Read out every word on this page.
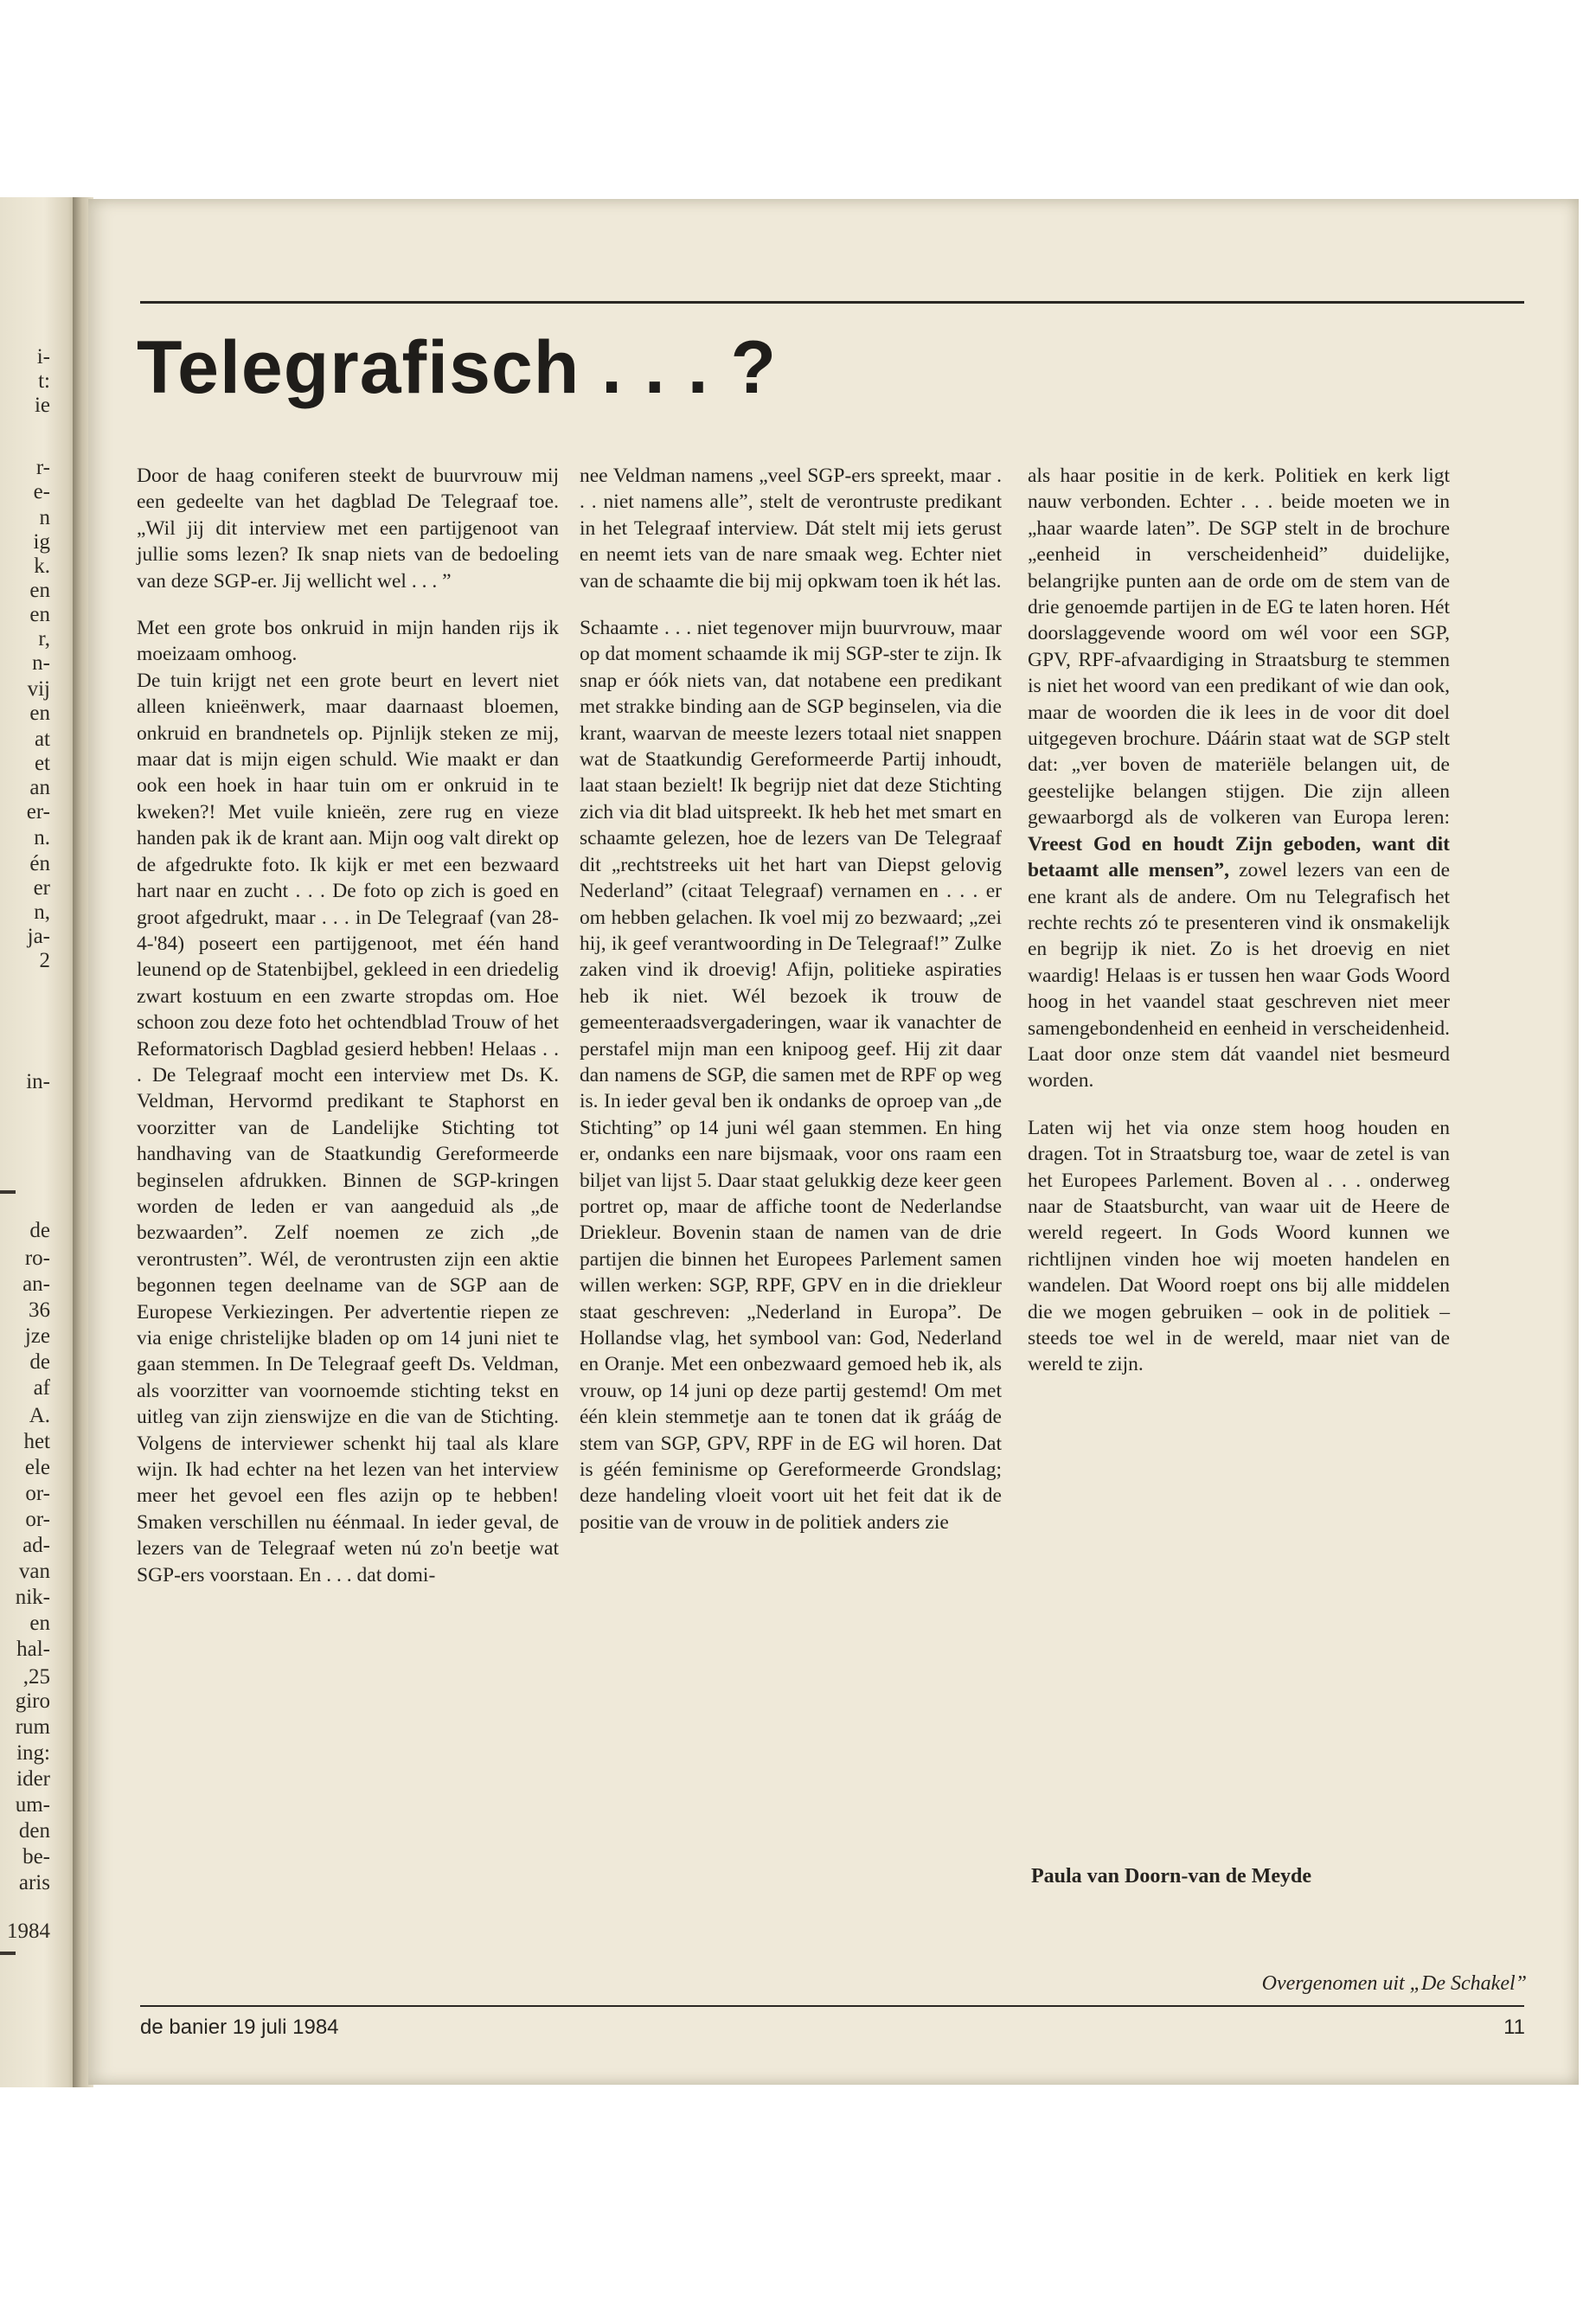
i-
t:
ie
r-
e-
n
ig
k.
en
en
r,
n-
vij
en
at
et
an
er-
n.
én
er
n,
ja-
2
in-
de
ro-
an-
36
jze
de
af
A.
het
ele
or-
or-
ad-
van
nik-
en
hal-
,25
giro
rum
ing:
ider
um-
den
be-
aris
1984
Telegrafisch . . . ?

Door de haag coniferen steekt de buurvrouw mij een gedeelte van het dagblad De Telegraaf toe. „Wil jij dit interview met een partijgenoot van jullie soms lezen? Ik snap niets van de bedoeling van deze SGP-er. Jij wellicht wel . . . ”

Met een grote bos onkruid in mijn handen rijs ik moeizaam omhoog.

De tuin krijgt net een grote beurt en levert niet alleen knieënwerk, maar daarnaast bloemen, onkruid en brandnetels op. Pijnlijk steken ze mij, maar dat is mijn eigen schuld. Wie maakt er dan ook een hoek in haar tuin om er onkruid in te kweken?! Met vuile knieën, zere rug en vieze handen pak ik de krant aan. Mijn oog valt direkt op de afgedrukte foto. Ik kijk er met een bezwaard hart naar en zucht . . . De foto op zich is goed en groot afgedrukt, maar . . . in De Telegraaf (van 28-4-'84) poseert een partijgenoot, met één hand leunend op de Statenbijbel, gekleed in een driedelig zwart kostuum en een zwarte stropdas om. Hoe schoon zou deze foto het ochtendblad Trouw of het Reformatorisch Dagblad gesierd hebben! Helaas . . . De Telegraaf mocht een interview met Ds. K. Veldman, Hervormd predikant te Staphorst en voorzitter van de Landelijke Stichting tot handhaving van de Staatkundig Gereformeerde beginselen afdrukken. Binnen de SGP-kringen worden de leden er van aangeduid als „de bezwaarden”. Zelf noemen ze zich „de verontrusten”. Wél, de verontrusten zijn een aktie begonnen tegen deelname van de SGP aan de Europese Verkiezingen. Per advertentie riepen ze via enige christelijke bladen op om 14 juni niet te gaan stemmen. In De Telegraaf geeft Ds. Veldman, als voorzitter van voornoemde stichting tekst en uitleg van zijn zienswijze en die van de Stichting. Volgens de interviewer schenkt hij taal als klare wijn. Ik had echter na het lezen van het interview meer het gevoel een fles azijn op te hebben! Smaken verschillen nu éénmaal. In ieder geval, de lezers van de Telegraaf weten nú zo'n beetje wat SGP-ers voorstaan. En . . . dat domi-

nee Veldman namens „veel SGP-ers spreekt, maar . . . niet namens alle”, stelt de verontruste predikant in het Telegraaf interview. Dát stelt mij iets gerust en neemt iets van de nare smaak weg. Echter niet van de schaamte die bij mij opkwam toen ik hét las.

Schaamte . . . niet tegenover mijn buurvrouw, maar op dat moment schaamde ik mij SGP-ster te zijn. Ik snap er óók niets van, dat notabene een predikant met strakke binding aan de SGP beginselen, via die krant, waarvan de meeste lezers totaal niet snappen wat de Staatkundig Gereformeerde Partij inhoudt, laat staan bezielt! Ik begrijp niet dat deze Stichting zich via dit blad uitspreekt. Ik heb het met smart en schaamte gelezen, hoe de lezers van De Telegraaf dit „rechtstreeks uit het hart van Diepst gelovig Nederland” (citaat Telegraaf) vernamen en . . . er om hebben gelachen. Ik voel mij zo bezwaard; „zei hij, ik geef verantwoording in De Telegraaf!” Zulke zaken vind ik droevig! Afijn, politieke aspiraties heb ik niet. Wél bezoek ik trouw de gemeenteraadsvergaderingen, waar ik vanachter de perstafel mijn man een knipoog geef. Hij zit daar dan namens de SGP, die samen met de RPF op weg is. In ieder geval ben ik ondanks de oproep van „de Stichting” op 14 juni wél gaan stemmen. En hing er, ondanks een nare bijsmaak, voor ons raam een biljet van lijst 5. Daar staat gelukkig deze keer geen portret op, maar de affiche toont de Nederlandse Driekleur. Bovenin staan de namen van de drie partijen die binnen het Europees Parlement samen willen werken: SGP, RPF, GPV en in die driekleur staat geschreven: „Nederland in Europa”. De Hollandse vlag, het symbool van: God, Nederland en Oranje. Met een onbezwaard gemoed heb ik, als vrouw, op 14 juni op deze partij gestemd! Om met één klein stemmetje aan te tonen dat ik gráág de stem van SGP, GPV, RPF in de EG wil horen. Dat is géén feminisme op Gereformeerde Grondslag; deze handeling vloeit voort uit het feit dat ik de positie van de vrouw in de politiek anders zie

als haar positie in de kerk. Politiek en kerk ligt nauw verbonden. Echter . . . beide moeten we in „haar waarde laten”. De SGP stelt in de brochure „eenheid in verscheidenheid” duidelijke, belangrijke punten aan de orde om de stem van de drie genoemde partijen in de EG te laten horen. Hét doorslaggevende woord om wél voor een SGP, GPV, RPF-afvaardiging in Straatsburg te stemmen is niet het woord van een predikant of wie dan ook, maar de woorden die ik lees in de voor dit doel uitgegeven brochure. Dáárin staat wat de SGP stelt dat: „ver boven de materiële belangen uit, de geestelijke belangen stijgen. Die zijn alleen gewaarborgd als de volkeren van Europa leren: Vreest God en houdt Zijn geboden, want dit betaamt alle mensen”, zowel lezers van een de ene krant als de andere. Om nu Telegrafisch het rechte rechts zó te presenteren vind ik onsmakelijk en begrijp ik niet. Zo is het droevig en niet waardig! Helaas is er tussen hen waar Gods Woord hoog in het vaandel staat geschreven niet meer samengebondenheid en eenheid in verscheidenheid. Laat door onze stem dát vaandel niet besmeurd worden.

Laten wij het via onze stem hoog houden en dragen. Tot in Straatsburg toe, waar de zetel is van het Europees Parlement. Boven al . . . onderweg naar de Staatsburcht, van waar uit de Heere de wereld regeert. In Gods Woord kunnen we richtlijnen vinden hoe wij moeten handelen en wandelen. Dat Woord roept ons bij alle middelen die we mogen gebruiken – ook in de politiek – steeds toe wel in de wereld, maar niet van de wereld te zijn.

Paula van Doorn-van de Meyde
Overgenomen uit „De Schakel”
de banier 19 juli 1984	11
